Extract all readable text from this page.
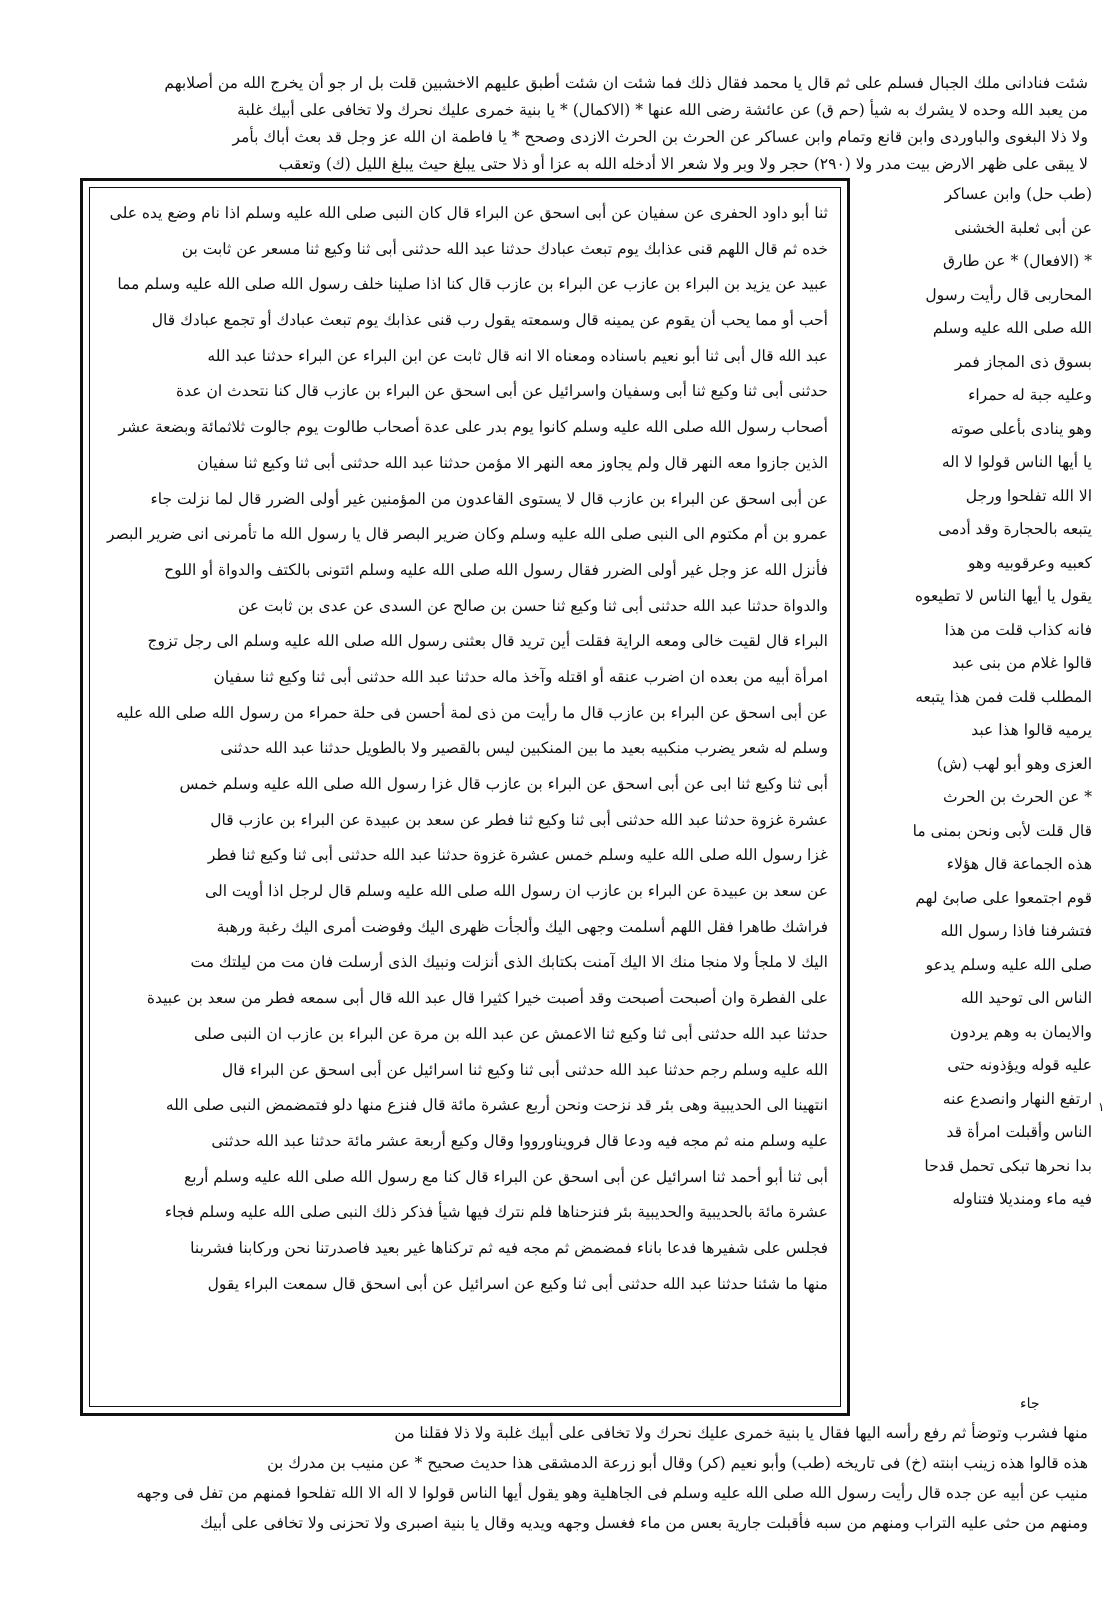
شئت فنادانی ملك الجبال فسلم علی ثم قال یا محمد فقال ذلك فما شئت ان شئت أطبق علیهم الاخشبین قلت بل ار جو أن یخرج الله من أصلابهم
من یعبد الله وحده لا یشرك به شیأ (حم ق) عن عائشة رضی الله عنها * (الاکمال) * یا بنیة خمری علیك نحرك ولا تخافی علی أبیك غلبة
ولا ذلا البغوی والباوردی وابن قانع وتمام وابن عساكر عن الحرث بن الحرث الازدی وصحح * یا فاطمة ان الله عز وجل قد بعث أباك بأمر
لا یبقی علی ظهر الارض بیت مدر ولا (٢٩٠) حجر ولا وبر ولا شعر الا أدخله الله به عزا أو ذلا حتی یبلغ حیث یبلغ اللیل (ك) وتعقب
ثنا أبو داود الحفری عن سفیان عن أبی اسحق عن البراء قال كان النبی صلی الله علیه وسلم اذا نام وضع یده علی
خده ثم قال اللهم قنی عذابك یوم تبعث عبادك حدثنا عبد الله حدثنی أبی ثنا وكیع ثنا مسعر عن ثابت بن
عبید عن یزید بن البراء بن عازب عن البراء بن عازب قال كنا اذا صلینا خلف رسول الله صلی الله علیه وسلم مما
أحب أو مما یحب أن یقوم عن یمینه قال وسمعته یقول رب قنی عذابك یوم تبعث عبادك أو تجمع عبادك قال
عبد الله قال أبی ثنا أبو نعیم باسناده ومعناه الا انه قال ثابت عن ابن البراء عن البراء حدثنا عبد الله
حدثنی أبی ثنا وكیع ثنا أبی وسفیان واسرائیل عن أبی اسحق عن البراء بن عازب قال كنا نتحدث ان عدة
أصحاب رسول الله صلی الله علیه وسلم كانوا یوم بدر علی عدة أصحاب طالوت یوم جالوت ثلاثمائة وبضعة عشر
الذین جازوا معه النهر قال ولم یجاوز معه النهر الا مؤمن حدثنا عبد الله حدثنی أبی ثنا وكیع ثنا سفیان
عن أبی اسحق عن البراء بن عازب قال لا یستوی القاعدون من المؤمنین غیر أولی الضرر قال لما نزلت جاء
عمرو بن أم مكتوم الی النبی صلی الله علیه وسلم وكان ضریر البصر قال یا رسول الله ما تأمرنی انی ضریر البصر
فأنزل الله عز وجل غیر أولی الضرر فقال رسول الله صلی الله علیه وسلم ائتونی بالكتف والدواة أو اللوح
والدواة حدثنا عبد الله حدثنی أبی ثنا وكیع ثنا حسن بن صالح عن السدی عن عدی بن ثابت عن
البراء قال لقیت خالی ومعه الرایة فقلت أین ترید قال بعثنی رسول الله صلی الله علیه وسلم الی رجل تزوج
امرأة أبیه من بعده ان اضرب عنقه أو اقتله وآخذ ماله حدثنا عبد الله حدثنی أبی ثنا وكیع ثنا سفیان
عن أبی اسحق عن البراء بن عازب قال ما رأیت من ذی لمة أحسن فی حلة حمراء من رسول الله صلی الله علیه
وسلم له شعر یضرب منكبیه بعید ما بین المنكبین لیس بالقصیر ولا بالطویل حدثنا عبد الله حدثنی
أبی ثنا وكیع ثنا ابی عن أبی اسحق عن البراء بن عازب قال غزا رسول الله صلی الله علیه وسلم خمس
عشرة غزوة حدثنا عبد الله حدثنی أبی ثنا وكیع ثنا فطر عن سعد بن عبیدة عن البراء بن عازب قال
غزا رسول الله صلی الله علیه وسلم خمس عشرة غزوة حدثنا عبد الله حدثنی أبی ثنا وكیع ثنا فطر
عن سعد بن عبیدة عن البراء بن عازب ان رسول الله صلی الله علیه وسلم قال لرجل اذا أویت الی
فراشك طاهرا فقل اللهم أسلمت وجهی الیك وألجأت ظهری الیك وفوضت أمری الیك رغبة ورهبة
الیك لا ملجأ ولا منجا منك الا الیك آمنت بكتابك الذی أنزلت ونبیك الذی أرسلت فان مت من لیلتك مت
علی الفطرة وان أصبحت أصبحت وقد أصبت خیرا كثیرا قال عبد الله قال أبی سمعه فطر من سعد بن عبیدة
حدثنا عبد الله حدثنی أبی ثنا وكیع ثنا الاعمش عن عبد الله بن مرة عن البراء بن عازب ان النبی صلی
الله علیه وسلم رجم حدثنا عبد الله حدثنی أبی ثنا وكیع ثنا اسرائیل عن أبی اسحق عن البراء قال
انتهینا الی الحدیبیة وهی بئر قد نزحت ونحن أربع عشرة مائة قال فنزع منها دلو فتمضمض النبی صلی الله
علیه وسلم منه ثم مجه فیه ودعا قال فرویناورووا وقال وكیع أربعة عشر مائة حدثنا عبد الله حدثنی
أبی ثنا أبو أحمد ثنا اسرائیل عن أبی اسحق عن البراء قال كنا مع رسول الله صلی الله علیه وسلم أربع
عشرة مائة بالحدیبیة والحدیبیة بئر فنزحناها فلم نترك فیها شیأ فذكر ذلك النبی صلی الله علیه وسلم فجاء
فجلس علی شفیرها فدعا باناء فمضمض ثم مجه فیه ثم تركناها غیر بعید فاصدرتنا نحن وركابنا فشربنا
منها ما شئنا حدثنا عبد الله حدثنی أبی ثنا وكیع عن اسرائیل عن أبی اسحق قال سمعت البراء یقول
(طب حل) وابن عساكر
عن أبی ثعلبة الخشنی
* (الافعال) * عن طارق
المحاربی قال رأیت رسول
الله صلی الله علیه وسلم
بسوق ذی المجاز فمر
وعلیه جبة له حمراء
وهو ینادی بأعلی صوته
یا أیها الناس قولوا لا اله
الا الله تفلحوا ورجل
یتبعه بالحجارة وقد أدمی
كعبیه وعرقوبیه وهو
یقول یا أیها الناس لا تطیعوه
فانه كذاب قلت من هذا
قالوا غلام من بنی عبد
المطلب قلت فمن هذا یتبعه
یرمیه قالوا هذا عبد
العزی وهو أبو لهب (ش)
* عن الحرث بن الحرث
قال قلت لأبی ونحن بمنی ما
هذه الجماعة قال هؤلاء
قوم اجتمعوا علی صابئ لهم
فتشرفنا فاذا رسول الله
صلی الله علیه وسلم یدعو
الناس الی توحید الله
والایمان به وهم یردون
علیه قوله ویؤذونه حتی
ارتفع النهار وانصدع عنه
الناس وأقبلت امرأة قد
بدا نحرها تبكی تحمل قدحا
فیه ماء ومندیلا فتناوله
منها فشرب وتوضأ ثم رفع رأسه الیها فقال یا بنیة خمری علیك نحرك ولا تخافی علی أبیك غلبة ولا ذلا فقلنا من
هذه قالوا هذه زینب ابنته (خ) فی تاریخه (طب) وأبو نعیم (كر) وقال أبو زرعة الدمشقی هذا حدیث صحیح * عن منیب بن مدرك بن
منیب عن أبیه عن جده قال رأیت رسول الله صلی الله علیه وسلم فی الجاهلیة وهو یقول أیها الناس قولوا لا اله الا الله تفلحوا فمنهم من تفل فی وجهه
ومنهم من حثی علیه التراب ومنهم من سبه فأقبلت جاریة بعس من ماء فغسل وجهه ویدیه وقال یا بنیة اصبری ولا تحزنی ولا تخافی علی أبیك
جاء
۱
